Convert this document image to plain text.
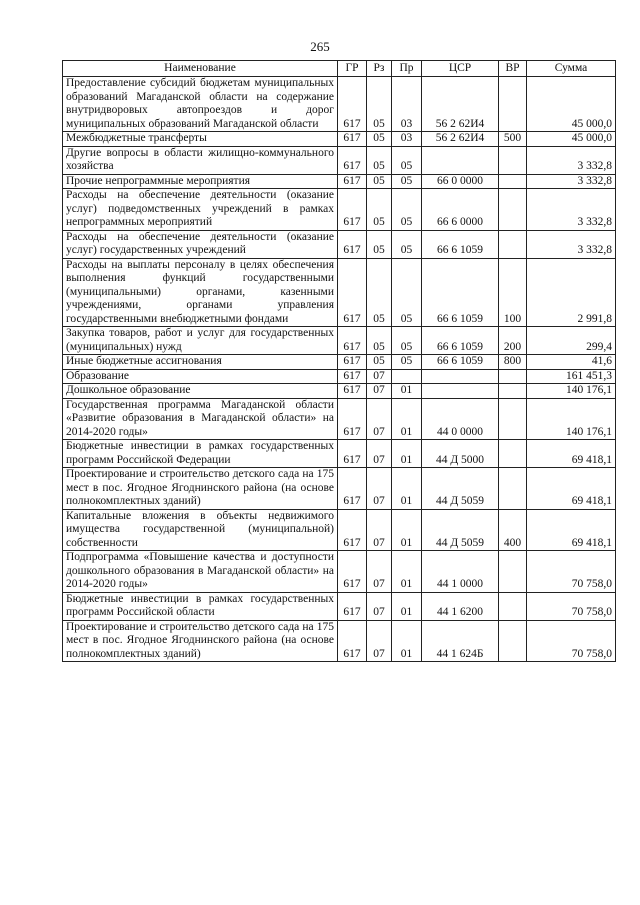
265
Наименование	ГР	Рз	Пр	ЦСР	ВР	Сумма
Предоставление субсидий бюджетам муниципальных образований Магаданской области на содержание внутридворовых автопроездов и дорог муниципальных образований Магаданской области	617	05	03	56 2 62И4		45 000,0
Межбюджетные трансферты	617	05	03	56 2 62И4	500	45 000,0
Другие вопросы в области жилищно-коммунального хозяйства	617	05	05			3 332,8
Прочие непрограммные мероприятия	617	05	05	66 0 0000		3 332,8
Расходы на обеспечение деятельности (оказание услуг) подведомственных учреждений в рамках непрограммных мероприятий	617	05	05	66 6 0000		3 332,8
Расходы на обеспечение деятельности (оказание услуг) государственных учреждений	617	05	05	66 6 1059		3 332,8
Расходы на выплаты персоналу в целях обеспечения выполнения функций государственными (муниципальными) органами, казенными учреждениями, органами управления государственными внебюджетными фондами	617	05	05	66 6 1059	100	2 991,8
Закупка товаров, работ и услуг для государственных (муниципальных) нужд	617	05	05	66 6 1059	200	299,4
Иные бюджетные ассигнования	617	05	05	66 6 1059	800	41,6
Образование	617	07				161 451,3
Дошкольное образование	617	07	01			140 176,1
Государственная программа Магаданской области «Развитие образования в Магаданской области» на 2014-2020 годы»	617	07	01	44 0 0000		140 176,1
Бюджетные инвестиции в рамках государственных программ Российской Федерации	617	07	01	44 Д 5000		69 418,1
Проектирование и строительство детского сада на 175 мест в пос. Ягодное Ягоднинского района (на основе полнокомплектных зданий)	617	07	01	44 Д 5059		69 418,1
Капитальные вложения в объекты недвижимого имущества государственной (муниципальной) собственности	617	07	01	44 Д 5059	400	69 418,1
Подпрограмма «Повышение качества и доступности дошкольного образования в Магаданской области» на 2014-2020 годы»	617	07	01	44 1 0000		70 758,0
Бюджетные инвестиции в рамках государственных программ Российской области	617	07	01	44 1 6200		70 758,0
Проектирование и строительство детского сада на 175 мест в пос. Ягодное Ягоднинского района (на основе полнокомплектных зданий)	617	07	01	44 1 624Б		70 758,0
